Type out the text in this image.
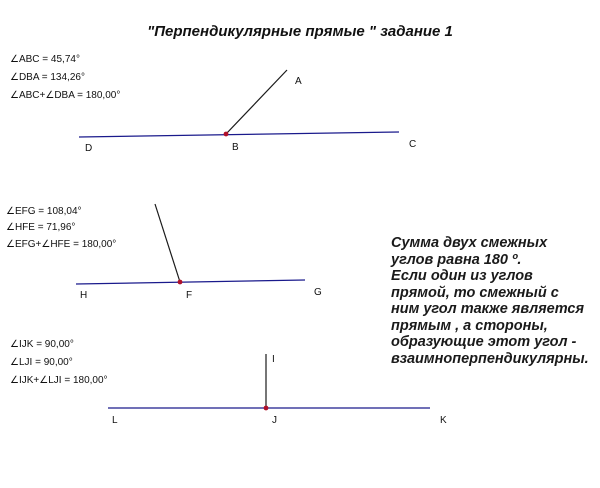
"Перпендикулярные прямые " задание 1
∠ABC = 45,74°
∠DBA = 134,26°
∠ABC+∠DBA = 180,00°
A
B	C
D
∠EFG = 108,04°
∠HFE = 71,96°
∠EFG+∠HFE = 180,00°
F	G
H
∠IJK = 90,00°
∠LJI = 90,00°
∠IJK+∠LJI = 180,00°
I
J	K
L
Сумма двух смежных
углов равна 180 º.
Если один из углов
прямой, то смежный с
ним угол также является
прямым , а стороны,
образующие этот угол -
взаимноперпендикулярны.
